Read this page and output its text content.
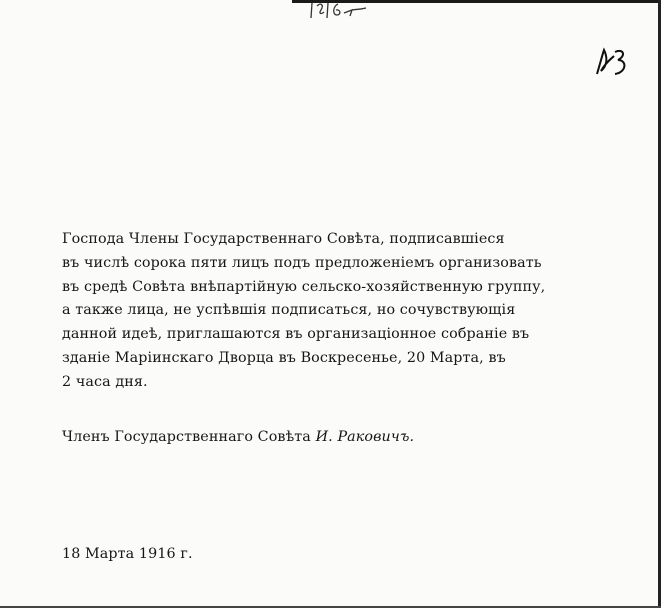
Господа Члены Государственнаго Совѣта, подписавшіеся
въ числѣ сорока пяти лицъ подъ предложеніемъ организовать
въ средѣ Совѣта внѣпартійную сельско-хозяйственную группу,
а также лица, не успѣвшія подписаться, но сочувствующія
данной идеѣ, приглашаются въ организаціонное собраніе въ
зданіе Маріинскаго Дворца въ Воскресенье, 20 Марта, въ
2 часа дня.

Членъ Государственнаго Совѣта И. Раковичъ.

18 Марта 1916 г.
